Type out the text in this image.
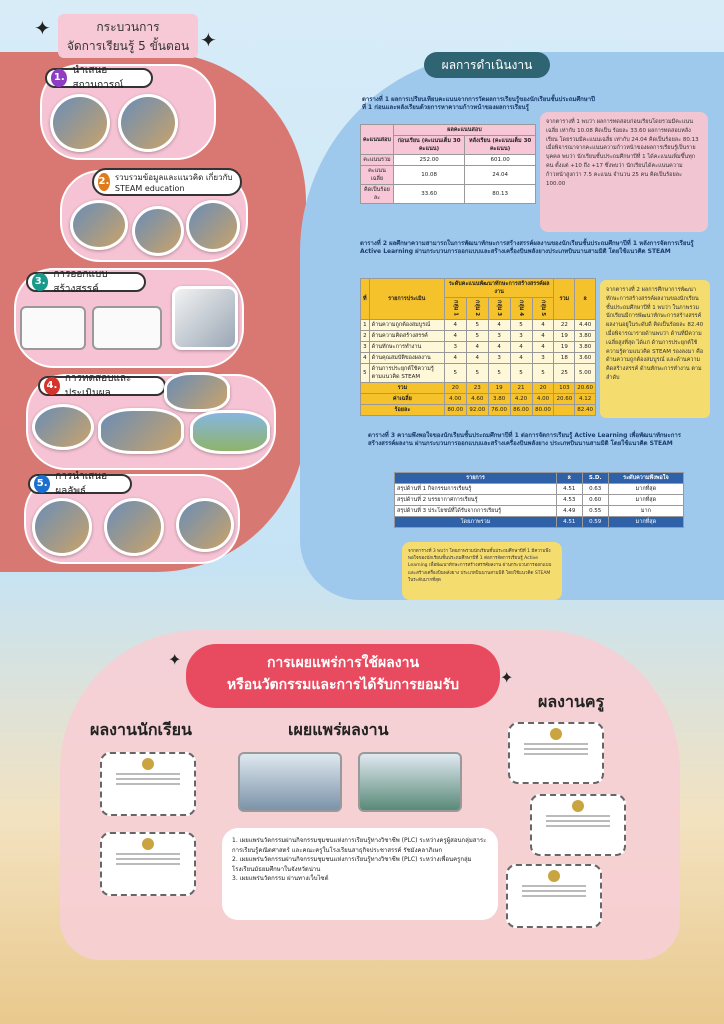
กระบวนการ
จัดการเรียนรู้ 5 ขั้นตอน
✦	✦
1.
นำเสนอสถานการณ์
2. รวบรวมข้อมูลและแนวคิด เกี่ยวกับ STEAM education
3.
การออกแบบสร้างสรรค์
4.
การทดสอบและประเมินผล
5.
การนำเสนอผลลัพธ์
ผลการดำเนินงาน
ตารางที่ 1 ผลการเปรียบเทียบคะแนนจากการวัดผลการเรียนรู้ของนักเรียนชั้นประถมศึกษาปีที่ 1 ก่อนและหลังเรียนด้วยการหาความก้าวหน้าของผลการเรียนรู้
คะแนนสอบ	ผลคะแนนสอบ	
	ก่อนเรียน (คะแนนเต็ม 30 คะแนน)	หลังเรียน (คะแนนเต็ม 30 คะแนน)
คะแนนรวม	252.00	601.00
คะแนนเฉลี่ย	10.08	24.04
คิดเป็นร้อยละ	33.60	80.13
จากตารางที่ 1 พบว่า ผลการทดสอบก่อนเรียนโดยรวมมีคะแนนเฉลี่ย เท่ากับ 10.08 คิดเป็น ร้อยละ 33.60 ผลการทดสอบหลังเรียน โดยรวมมีคะแนนเฉลี่ย เท่ากับ 24.04 คิดเป็นร้อยละ 80.13 เมื่อพิจารณาจากคะแนนความก้าวหน้าของผลการเรียนรู้เป็นรายบุคคล พบว่า นักเรียนชั้นประถมศึกษาปีที่ 1 ได้คะแนนเพิ่มขึ้นทุกคน ตั้งแต่ +10 ถึง +17 ซึ่งพบว่า นักเรียนได้คะแนนความก้าวหน้าสูงกว่า 7.5 คะแนน จำนวน 25 คน คิดเป็นร้อยละ 100.00
ตารางที่ 2 ผลศึกษาความสามารถในการพัฒนาทักษะการสร้างสรรค์ผลงานของนักเรียนชั้นประถมศึกษาปีที่ 1 หลังการจัดการเรียนรู้ Active Learning ผ่านกระบวนการออกแบบและสร้างเครื่องบินพลังยางประเภทบินนานสามมิติ โดยใช้แนวคิด STEAM
ที่	รายการประเมิน	ระดับคะแนนพัฒนาทักษะการสร้างสรรค์ผลงาน					รวม	x̄
		กลุ่ม 1	กลุ่ม 2	กลุ่ม 3	กลุ่ม 4	กลุ่ม 5		
1	ด้านความถูกต้องสมบูรณ์	4	5	4	5	4	22	4.40
2	ด้านความคิดสร้างสรรค์	4	5	3	3	4	19	3.80
3	ด้านทักษะการทำงาน	3	4	4	4	4	19	3.80
4	ด้านคุณสมบัติของผลงาน	4	4	3	4	3	18	3.60
5	ด้านการประยุกต์ใช้ความรู้ ตามแนวคิด STEAM	5	5	5	5	5	25	5.00
รวม		20	23	19	21	20	103	20.60
ค่าเฉลี่ย		4.00	4.60	3.80	4.20	4.00	20.60	4.12
ร้อยละ		80.00	92.00	76.00	86.00	80.00		82.40
จากตารางที่ 2 ผลการศึกษาการพัฒนาทักษะการสร้างสรรค์ผลงานของนักเรียนชั้นประถมศึกษาปีที่ 1 พบว่า ในภาพรวมนักเรียนมีการพัฒนาทักษะการสร้างสรรค์ผลงานอยู่ในระดับดี คิดเป็นร้อยละ 82.40 เมื่อพิจารณารายด้านพบว่า ด้านที่มีความเฉลี่ยสูงที่สุด ได้แก่ ด้านการประยุกต์ใช้ความรู้ตามแนวคิด STEAM รองลงมา คือ ด้านความถูกต้องสมบูรณ์ และด้านความคิดสร้างสรรค์ ด้านทักษะการทำงาน ตามลำดับ
ตารางที่ 3 ความพึงพอใจของนักเรียนชั้นประถมศึกษาปีที่ 1 ต่อการจัดการเรียนรู้ Active Learning เพื่อพัฒนาทักษะการสร้างสรรค์ผลงาน ผ่านกระบวนการออกแบบและสร้างเครื่องบินพลังยาง ประเภทบินนานสามมิติ โดยใช้แนวคิด STEAM
รายการ	x̄	S.D.	ระดับความพึงพอใจ
สรุปด้านที่ 1 กิจกรรมการเรียนรู้	4.51	0.63	มากที่สุด
สรุปด้านที่ 2 บรรยากาศการเรียนรู้	4.53	0.60	มากที่สุด
สรุปด้านที่ 3 ประโยชน์ที่ได้รับจากการเรียนรู้	4.49	0.55	มาก
โดยภาพรวม	4.51	0.59	มากที่สุด
จากตารางที่ 3 พบว่า โดยภาพรวมนักเรียนชั้นประถมศึกษาปีที่ 1 มีความพึงพอใจของนักเรียนชั้นประถมศึกษาปีที่ 1 ต่อการจัดการเรียนรู้ Active Learning เพื่อพัฒนาทักษะการสร้างสรรค์ผลงาน ผ่านกระบวนการออกแบบและสร้างเครื่องบินพลังยาง ประเภทบินนานสามมิติ โดยใช้แนวคิด STEAM ในระดับมากที่สุด
การเผยแพร่การใช้ผลงาน
หรือนวัตกรรมและการได้รับการยอมรับ
✦
✦
ผลงานนักเรียน	เผยแพร่ผลงาน
ผลงานครู
1. เผยแพร่นวัตกรรมผ่านกิจกรรมชุมชนแห่งการเรียนรู้ทางวิชาชีพ (PLC) ระหว่างครูผู้สอนกลุ่มสาระการเรียนรู้คณิตศาสตร์ และคณะครูในโรงเรียนสาธุกิจประชาสรรค์ รัชมังคลาภิเษก
2. เผยแพร่นวัตกรรมผ่านกิจกรรมชุมชนแห่งการเรียนรู้ทางวิชาชีพ (PLC) ระหว่างเพื่อนครูกลุ่มโรงเรียนมัธยมศึกษาในจังหวัดน่าน
3. เผยแพร่นวัตกรรม ผ่านทางเว็บไซต์
